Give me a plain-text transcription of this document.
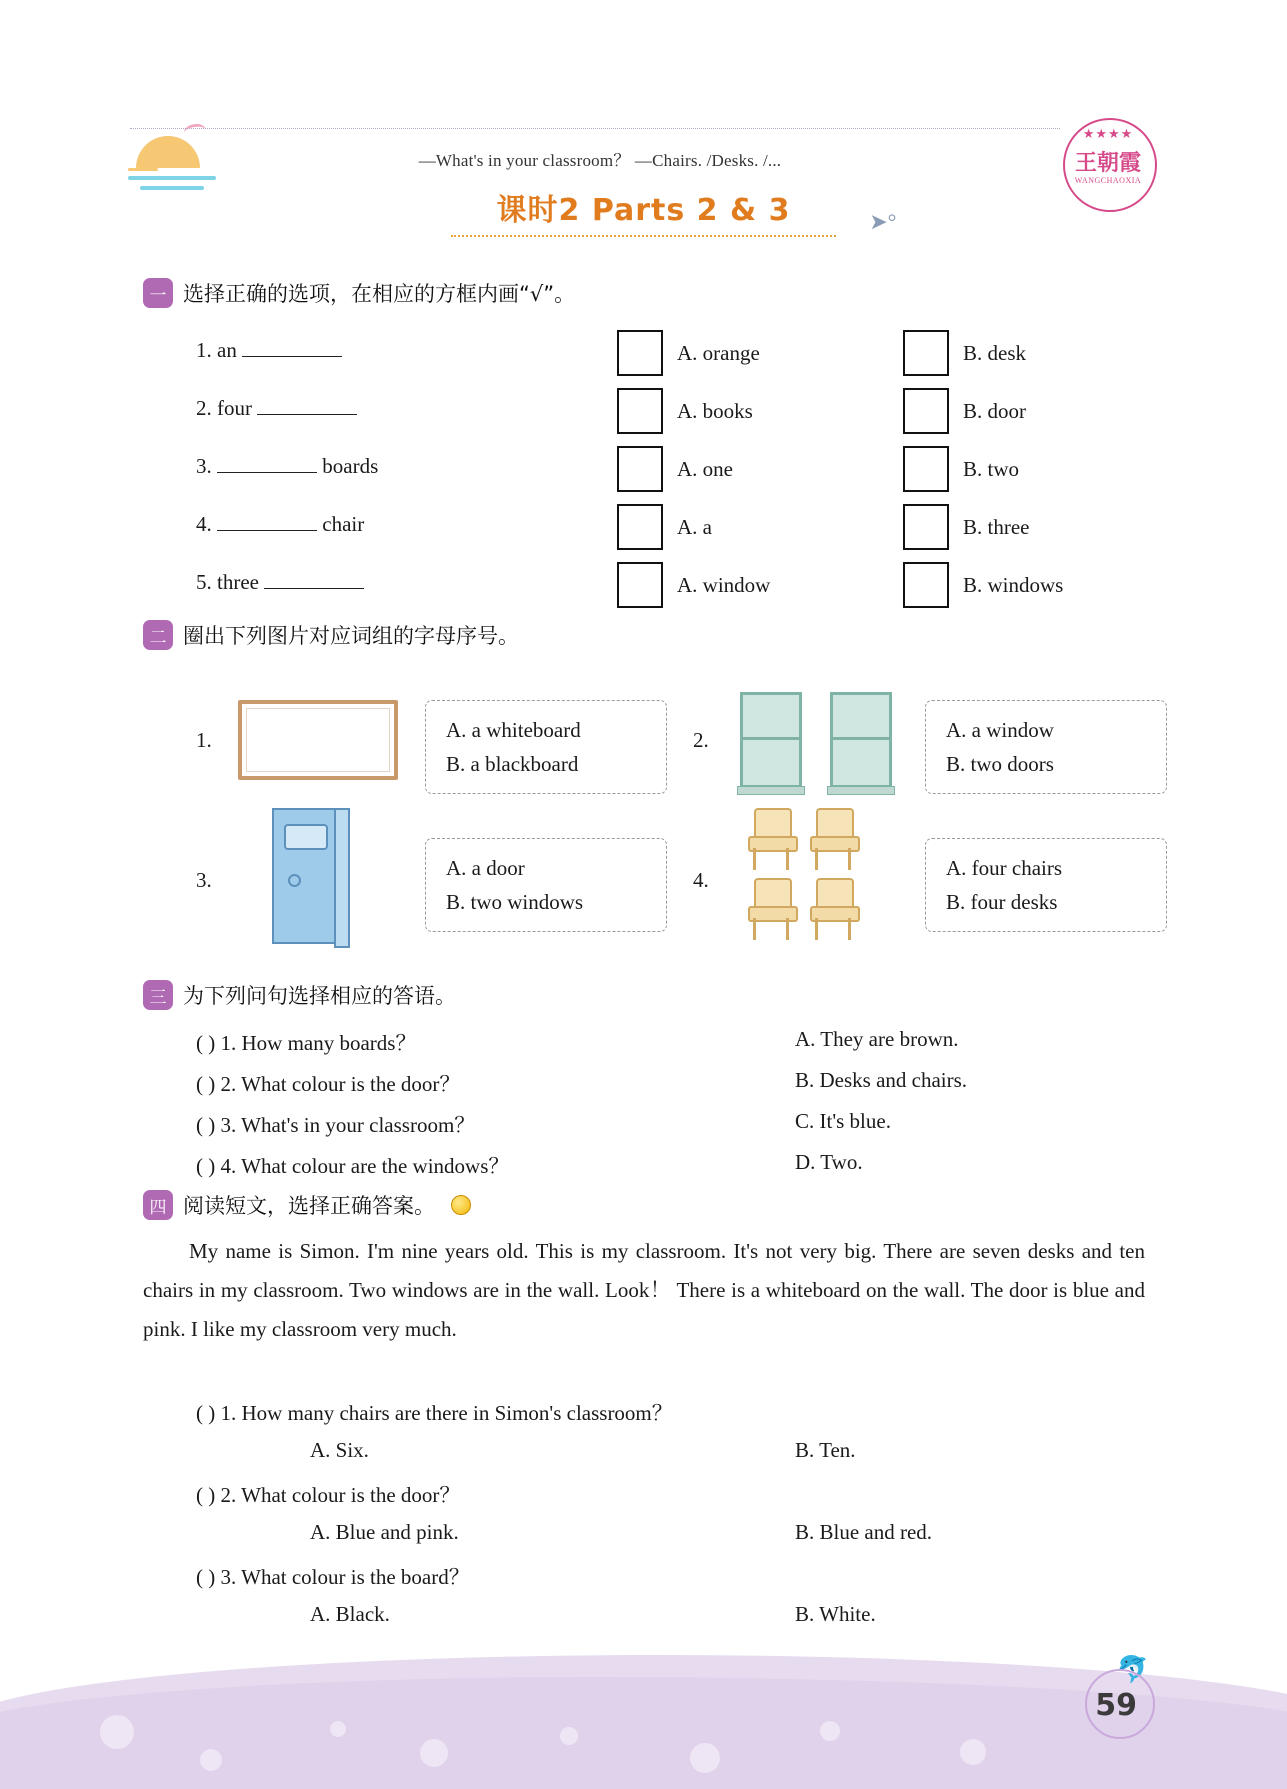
—What's in your classroom？ —Chairs. /Desks. /...
★★★★
王朝霞
WANGCHAOXIA
课时2 Parts 2 & 3	➤°
一 选择正确的选项，在相应的方框内画“√”。
1. an	A. orange	B. desk
2. four	A. books	B. door
3.	boards	A. one	B. two
4.	chair	A. a	B. three
5. three	A. window	B. windows
二 圈出下列图片对应词组的字母序号。
1.	A. a whiteboard
B. a blackboard
2.	A. a window
B. two doors
3.	A. a door
B. two windows
4.	A. four chairs
B. four desks
三 为下列问句选择相应的答语。
( ) 1. How many boards？	A. They are brown.
( ) 2. What colour is the door？	B. Desks and chairs.
( ) 3. What's in your classroom？	C. It's blue.
( ) 4. What colour are the windows？	D. Two.
四 阅读短文，选择正确答案。
My name is Simon. I'm nine years old. This is my classroom. It's not very big. There are seven desks and ten chairs in my classroom. Two windows are in the wall. Look！ There is a whiteboard on the wall. The door is blue and pink. I like my classroom very much.
( ) 1. How many chairs are there in Simon's classroom？
A. Six.	B. Ten.
( ) 2. What colour is the door？
A. Blue and pink.	B. Blue and red.
( ) 3. What colour is the board？
A. Black.	B. White.
🐬
59
